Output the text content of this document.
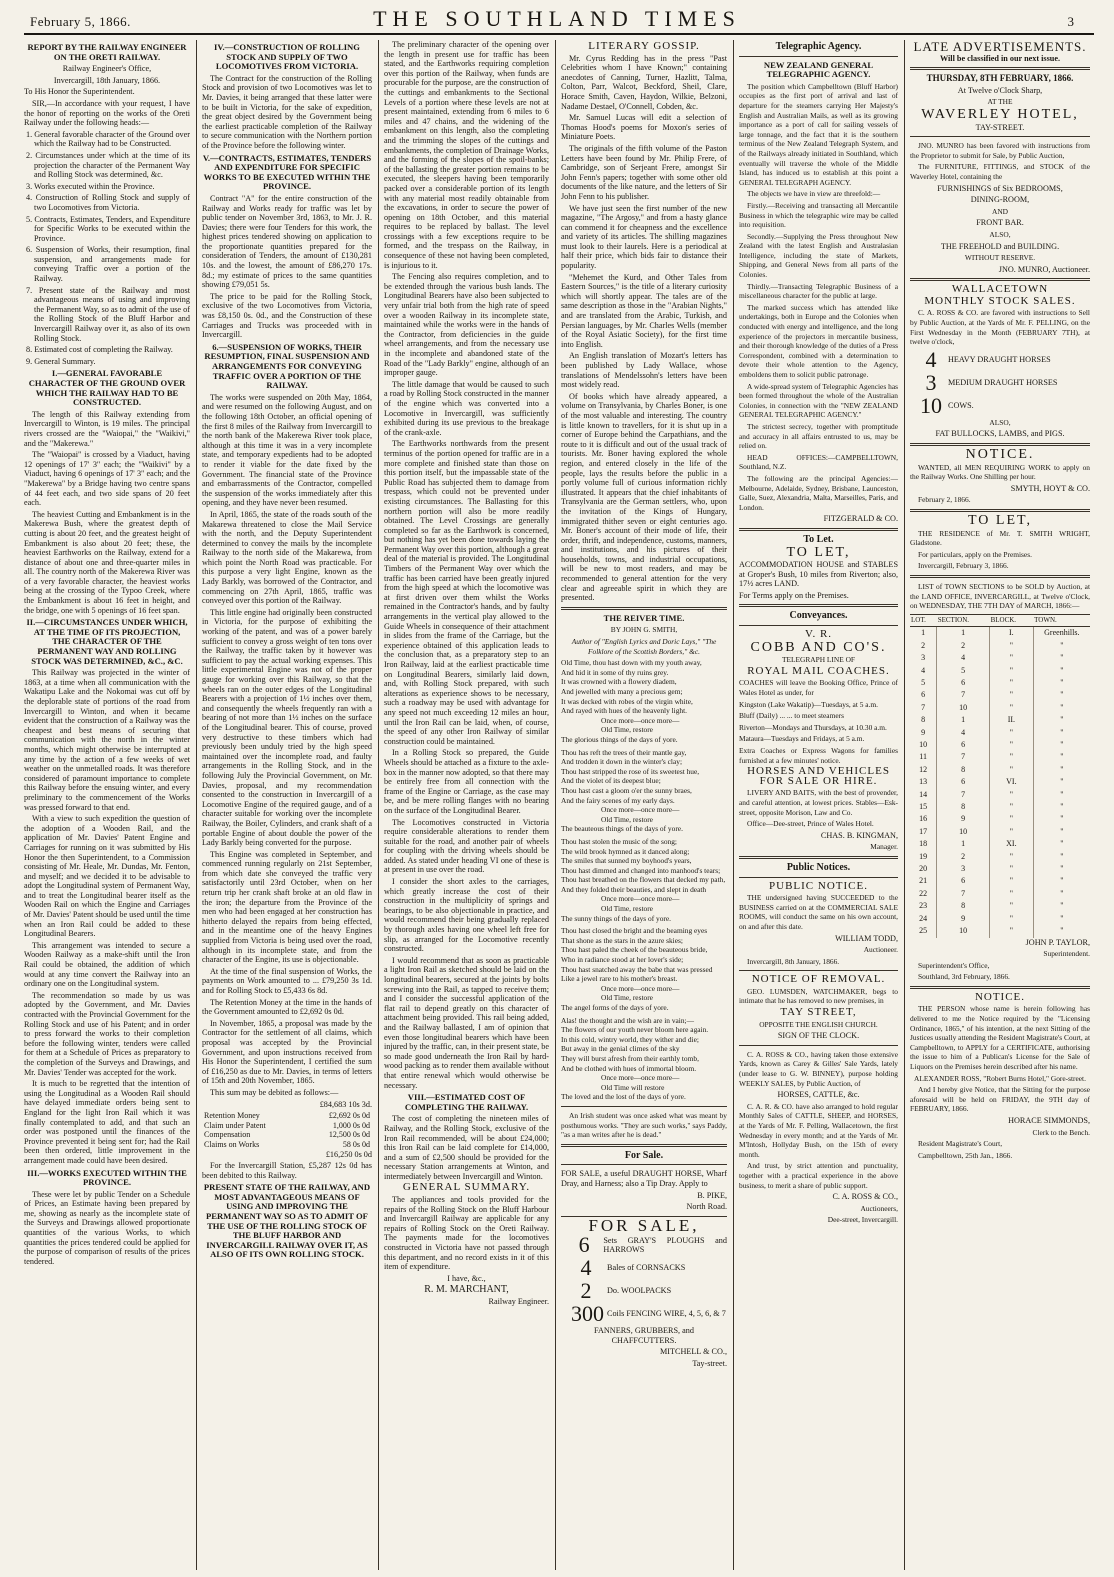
February 5, 1866.	THE SOUTHLAND TIMES	3
REPORT BY THE RAILWAY ENGINEER ON THE ORETI RAILWAY.

Railway Engineer's Office,

Invercargill, 18th January, 1866.

To His Honor the Superintendent.

SIR,—In accordance with your request, I have the honor of reporting on the works of the Oreti Railway under the following heads:—

1. General favorable character of the Ground over which the Railway had to be Constructed.

2. Circumstances under which at the time of its projection the character of the Permanent Way and Rolling Stock was determined, &c.

3. Works executed within the Province.

4. Construction of Rolling Stock and supply of two Locomotives from Victoria.

5. Contracts, Estimates, Tenders, and Expenditure for Specific Works to be executed within the Province.

6. Suspension of Works, their resumption, final suspension, and arrangements made for conveying Traffic over a portion of the Railway.

7. Present state of the Railway and most advantageous means of using and improving the Permanent Way, so as to admit of the use of the Rolling Stock of the Bluff Harbor and Invercargill Railway over it, as also of its own Rolling Stock.

8. Estimated cost of completing the Railway.

9. General Summary.

I.—GENERAL FAVORABLE CHARACTER OF THE GROUND OVER WHICH THE RAILWAY HAD TO BE CONSTRUCTED.

The length of this Railway extending from Invercargill to Winton, is 19 miles. The principal rivers crossed are the "Waiopai," the "Waikivi," and the "Makerewa."

The "Waiopai" is crossed by a Viaduct, having 12 openings of 17' 3" each; the "Waikivi" by a Viaduct, having 6 openings of 17' 3" each; and the "Makerewa" by a Bridge having two centre spans of 44 feet each, and two side spans of 20 feet each.

The heaviest Cutting and Embankment is in the Makerewa Bush, where the greatest depth of cutting is about 20 feet, and the greatest height of Embankment is also about 20 feet; these, the heaviest Earthworks on the Railway, extend for a distance of about one and three-quarter miles in all. The country north of the Makerewa River was of a very favorable character, the heaviest works being at the crossing of the Typoo Creek, where the Embankment is about 16 feet in height, and the bridge, one with 5 openings of 16 feet span.

II.—CIRCUMSTANCES UNDER WHICH, AT THE TIME OF ITS PROJECTION, THE CHARACTER OF THE PERMANENT WAY AND ROLLING STOCK WAS DETERMINED, &C., &C.

This Railway was projected in the winter of 1863, at a time when all communication with the Wakatipu Lake and the Nokomai was cut off by the deplorable state of portions of the road from Invercargill to Winton, and when it became evident that the construction of a Railway was the cheapest and best means of securing that communication with the north in the winter months, which might otherwise be interrupted at any time by the action of a few weeks of wet weather on the unmetalled roads. It was therefore considered of paramount importance to complete this Railway before the ensuing winter, and every preliminary to the commencement of the Works was pressed forward to that end.

With a view to such expedition the question of the adoption of a Wooden Rail, and the application of Mr. Davies' Patent Engine and Carriages for running on it was submitted by His Honor the then Superintendent, to a Commission consisting of Mr. Heale, Mr. Dundas, Mr. Fenton, and myself; and we decided it to be advisable to adopt the Longitudinal system of Permanent Way, and to treat the Longitudinal bearer itself as the Wooden Rail on which the Engine and Carriages of Mr. Davies' Patent should be used until the time when an Iron Rail could be added to these Longitudinal Bearers.

This arrangement was intended to secure a Wooden Railway as a make-shift until the Iron Rail could be obtained, the addition of which would at any time convert the Railway into an ordinary one on the Longitudinal system.

The recommendation so made by us was adopted by the Government, and Mr. Davies contracted with the Provincial Government for the Rolling Stock and use of his Patent; and in order to press forward the works to their completion before the following winter, tenders were called for them at a Schedule of Prices as preparatory to the completion of the Surveys and Drawings, and Mr. Davies' Tender was accepted for the work.

It is much to be regretted that the intention of using the Longitudinal as a Wooden Rail should have delayed immediate orders being sent to England for the light Iron Rail which it was finally contemplated to add, and that such an order was postponed until the finances of the Province prevented it being sent for; had the Rail been then ordered, little improvement in the arrangement made could have been desired.

III.—WORKS EXECUTED WITHIN THE PROVINCE.

These were let by public Tender on a Schedule of Prices, an Estimate having been prepared by me, showing as nearly as the incomplete state of the Surveys and Drawings allowed proportionate quantities of the various Works, to which quantities the prices tendered could be applied for the purpose of comparison of results of the prices tendered.

IV.—CONSTRUCTION OF ROLLING STOCK AND SUPPLY OF TWO LOCOMOTIVES FROM VICTORIA.

The Contract for the construction of the Rolling Stock and provision of two Locomotives was let to Mr. Davies, it being arranged that these latter were to be built in Victoria, for the sake of expedition, the great object desired by the Government being the earliest practicable completion of the Railway to secure communication with the Northern portion of the Province before the following winter.

V.—CONTRACTS, ESTIMATES, TENDERS AND EXPENDITURE FOR SPECIFIC WORKS TO BE EXECUTED WITHIN THE PROVINCE.

Contract "A" for the entire construction of the Railway and Works ready for traffic was let by public tender on November 3rd, 1863, to Mr. J. R. Davies; there were four Tenders for this work, the highest prices tendered showing on application to the proportionate quantities prepared for the consideration of Tenders, the amount of £130,281 10s. and the lowest, the amount of £86,270 17s. 8d.; my estimate of prices to the same quantities showing £79,051 5s.

The price to be paid for the Rolling Stock, exclusive of the two Locomotives from Victoria, was £8,150 0s. 0d., and the Construction of these Carriages and Trucks was proceeded with in Invercargill.

6.—SUSPENSION OF WORKS, THEIR RESUMPTION, FINAL SUSPENSION AND ARRANGEMENTS FOR CONVEYING TRAFFIC OVER A PORTION OF THE RAILWAY.

The works were suspended on 20th May, 1864, and were resumed on the following August, and on the following 18th October, an official opening of the first 8 miles of the Railway from Invercargill to the north bank of the Makerewa River took place, although at this time it was in a very incomplete state, and temporary expedients had to be adopted to render it viable for the date fixed by the Government. The financial state of the Province and embarrassments of the Contractor, compelled the suspension of the works immediately after this opening, and they have never been resumed.

In April, 1865, the state of the roads south of the Makarewa threatened to close the Mail Service with the north, and the Deputy Superintendent determined to convey the mails by the incomplete Railway to the north side of the Makarewa, from which point the North Road was practicable. For this purpose a very light Engine, known as the Lady Barkly, was borrowed of the Contractor, and commencing on 27th April, 1865, traffic was conveyed over this portion of the Railway.

This little engine had originally been constructed in Victoria, for the purpose of exhibiting the working of the patent, and was of a power barely sufficient to convey a gross weight of ten tons over the Railway, the traffic taken by it however was sufficient to pay the actual working expenses. This little experimental Engine was not of the proper gauge for working over this Railway, so that the wheels ran on the outer edges of the Longitudinal Bearers with a projection of 1½ inches over them, and consequently the wheels frequently ran with a bearing of not more than 1½ inches on the surface of the Longitudinal bearer. This of course, proved very destructive to these timbers which had previously been unduly tried by the high speed maintained over the incomplete road, and faulty arrangements in the Rolling Stock, and in the following July the Provincial Government, on Mr. Davies, proposal, and my recommendation consented to the construction in Invercargill of a Locomotive Engine of the required gauge, and of a character suitable for working over the incomplete Railway, the Boiler, Cylinders, and crank shaft of a portable Engine of about double the power of the Lady Barkly being converted for the purpose.

This Engine was completed in September, and commenced running regularly on 21st September, from which date she conveyed the traffic very satisfactorily until 23rd October, when on her return trip her crank shaft broke at an old flaw in the iron; the departure from the Province of the men who had been engaged at her construction has hitherto delayed the repairs from being effected, and in the meantime one of the heavy Engines supplied from Victoria is being used over the road, although in its incomplete state, and from the character of the Engine, its use is objectionable.

At the time of the final suspension of Works, the payments on Work amounted to ... £79,250 3s 1d. and for Rolling Stock to £5,433 6s 8d.

The Retention Money at the time in the hands of the Government amounted to £2,692 0s 0d.

In November, 1865, a proposal was made by the Contractor for the settlement of all claims, which proposal was accepted by the Provincial Government, and upon instructions received from His Honor the Superintendent, I certified the sum of £16,250 as due to Mr. Davies, in terms of letters of 15th and 20th November, 1865.

This sum may be debited as follows:—

£84,683 10s 3d.

Retention Money	£2,692 0s 0d
Claim under Patent	1,000 0s 0d
Compensation	12,500 0s 0d
Claims on Works	58 0s 0d

£16,250 0s 0d

For the Invercargill Station, £5,287 12s 0d has been debited to this Railway.

PRESENT STATE OF THE RAILWAY, AND MOST ADVANTAGEOUS MEANS OF USING AND IMPROVING THE PERMANENT WAY SO AS TO ADMIT OF THE USE OF THE ROLLING STOCK OF THE BLUFF HARBOR AND INVERCARGILL RAILWAY OVER IT, AS ALSO OF ITS OWN ROLLING STOCK.

The preliminary character of the opening over the length in present use for traffic has been stated, and the Earthworks requiring completion over this portion of the Railway, when funds are procurable for the purpose, are the construction of the cuttings and embankments to the Sectional Levels of a portion where these levels are not at present maintained, extending from 6 miles to 6 miles and 47 chains, and the widening of the embankment on this length, also the completing and the trimming the slopes of the cuttings and embankments, the completion of Drainage Works, and the forming of the slopes of the spoil-banks; of the ballasting the greater portion remains to be executed, the sleepers having been temporarily packed over a considerable portion of its length with any material most readily obtainable from the excavations, in order to secure the power of opening on 18th October, and this material requires to be replaced by ballast. The level crossings with a few exceptions require to be formed, and the trespass on the Railway, in consequence of these not having been completed, is injurious to it.

The Fencing also requires completion, and to be extended through the various bush lands. The Longitudinal Bearers have also been subjected to very unfair trial both from the high rate of speed over a wooden Railway in its incomplete state, maintained while the works were in the hands of the Contractor, from deficiencies in the guide wheel arrangements, and from the necessary use in the incomplete and abandoned state of the Road of the "Lady Barkly" engine, although of an improper gauge.

The little damage that would be caused to such a road by Rolling Stock constructed in the manner of the engine which was converted into a Locomotive in Invercargill, was sufficiently exhibited during its use previous to the breakage of the crank-axle.

The Earthworks northwards from the present terminus of the portion opened for traffic are in a more complete and finished state than those on this portion itself, but the impassable state of the Public Road has subjected them to damage from trespass, which could not be prevented under existing circumstances. The Ballasting for this northern portion will also be more readily obtained. The Level Crossings are generally completed so far as the Earthwork is concerned, but nothing has yet been done towards laying the Permanent Way over this portion, although a great deal of the material is provided. The Longitudinal Timbers of the Permanent Way over which the traffic has been carried have been greatly injured from the high speed at which the locomotive was at first driven over them whilst the Works remained in the Contractor's hands, and by faulty arrangements in the vertical play allowed to the Guide Wheels in consequence of their attachment in slides from the frame of the Carriage, but the experience obtained of this application leads to the conclusion that, as a preparatory step to an Iron Railway, laid at the earliest practicable time on Longitudinal Bearers, similarly laid down, and, with Rolling Stock prepared, with such alterations as experience shows to be necessary, such a roadway may be used with advantage for any speed not much exceeding 12 miles an hour, until the Iron Rail can be laid, when, of course, the speed of any other Iron Railway of similar construction could be maintained.

In a Rolling Stock so prepared, the Guide Wheels should be attached as a fixture to the axle-box in the manner now adopted, so that there may be entirely free from all connection with the frame of the Engine or Carriage, as the case may be, and be mere rolling flanges with no bearing on the surface of the Longitudinal Bearer.

The Locomotives constructed in Victoria require considerable alterations to render them suitable for the road, and another pair of wheels for coupling with the driving wheels should be added. As stated under heading VI one of these is at present in use over the road.

I consider the short axles to the carriages, which greatly increase the cost of their construction in the multiplicity of springs and bearings, to be also objectionable in practice, and would recommend their being gradually replaced by thorough axles having one wheel left free for slip, as arranged for the Locomotive recently constructed.

I would recommend that as soon as practicable a light Iron Rail as sketched should be laid on the longitudinal bearers, secured at the joints by bolts screwing into the Rail, as tapped to receive them; and I consider the successful application of the flat rail to depend greatly on this character of attachment being provided. This rail being added, and the Railway ballasted, I am of opinion that even those longitudinal bearers which have been injured by the traffic, can, in their present state, be so made good underneath the Iron Rail by hard-wood packing as to render them available without that entire renewal which would otherwise be necessary.

VIII.—ESTIMATED COST OF COMPLETING THE RAILWAY.

The cost of completing the nineteen miles of Railway, and the Rolling Stock, exclusive of the Iron Rail recommended, will be about £24,000; this Iron Rail can be laid complete for £14,000, and a sum of £2,500 should be provided for the necessary Station arrangements at Winton, and intermediately between Invercargill and Winton.

GENERAL SUMMARY.

The appliances and tools provided for the repairs of the Rolling Stock on the Bluff Harbour and Invercargill Railway are applicable for any repairs of Rolling Stock on the Oreti Railway. The payments made for the locomotives constructed in Victoria have not passed through this department, and no record exists in it of this item of expenditure.

I have, &c.,

R. M. MARCHANT,

Railway Engineer.

LITERARY GOSSIP.

Mr. Cyrus Redding has in the press "Past Celebrities whom I have Known;" containing anecdotes of Canning, Turner, Hazlitt, Talma, Colton, Parr, Walcot, Beckford, Sheil, Clare, Horace Smith, Caven, Haydon, Wilkie, Belzoni, Nadame Destael, O'Connell, Cobden, &c.

Mr. Samuel Lucas will edit a selection of Thomas Hood's poems for Moxon's series of Miniature Poets.

The originals of the fifth volume of the Paston Letters have been found by Mr. Philip Frere, of Cambridge, son of Serjeant Frere, amongst Sir John Fenn's papers; together with some other old documents of the like nature, and the letters of Sir John Fenn to his publisher.

We have just seen the first number of the new magazine, "The Argosy," and from a hasty glance can commend it for cheapness and the excellence and variety of its articles. The shilling magazines must look to their laurels. Here is a periodical at half their price, which bids fair to distance their popularity.

"Mehemet the Kurd, and Other Tales from Eastern Sources," is the title of a literary curiosity which will shortly appear. The tales are of the same description as those in the "Arabian Nights," and are translated from the Arabic, Turkish, and Persian languages, by Mr. Charles Wells (member of the Royal Asiatic Society), for the first time into English.

An English translation of Mozart's letters has been published by Lady Wallace, whose translations of Mendelssohn's letters have been most widely read.

Of books which have already appeared, a volume on Transylvania, by Charles Boner, is one of the most valuable and interesting. The country is little known to travellers, for it is shut up in a corner of Europe behind the Carpathians, and the route to it is difficult and out of the usual track of tourists. Mr. Boner having explored the whole region, and entered closely in the life of the people, lays the results before the public in a portly volume full of curious information richly illustrated. It appears that the chief inhabitants of Transylvania are the German settlers, who, upon the invitation of the Kings of Hungary, immigrated thither seven or eight centuries ago. Mr. Boner's account of their mode of life, their order, thrift, and independence, customs, manners, and institutions, and his pictures of their households, towns, and industrial occupations, will be new to most readers, and may be recommended to general attention for the very clear and agreeable spirit in which they are presented.

THE REIVER TIME.

BY JOHN G. SMITH,

Author of "English Lyrics and Doric Lays," "The Folklore of the Scottish Borders," &c.

Old Time, thou hast down with my youth away,

And hid it in some of thy ruins grey.

It was crowned with a flowery diadem,

And jewelled with many a precious gem;

It was decked with robes of the virgin white,

And rayed with hues of the heavenly light.

Once more—once more—

Old Time, restore

The glorious things of the days of yore.

Thou has reft the trees of their mantle gay,

And trodden it down in the winter's clay;

Thou hast stripped the rose of its sweetest hue,

And the violet of its deepest blue;

Thou hast cast a gloom o'er the sunny braes,

And the fairy scenes of my early days.

Once more—once more—

Old Time, restore

The beauteous things of the days of yore.

Thou hast stolen the music of the song;

The wild brook hymned as it danced along;

The smiles that sunned my boyhood's years,

Thou hast dimmed and changed into manhood's tears;

Thou hast breathed on the flowers that decked my path,

And they folded their beauties, and slept in death

Once more—once more—

Old Time, restore

The sunny things of the days of yore.

Thou hast closed the bright and the beaming eyes

That shone as the stars in the azure skies;

Thou hast paled the cheek of the beauteous bride,

Who in radiance stood at her lover's side;

Thou hast snatched away the babe that was pressed

Like a jewel rare to his mother's breast.

Once more—once more—

Old Time, restore

The angel forms of the days of yore.

Alas! the thought and the wish are in vain;—

The flowers of our youth never bloom here again.

In this cold, wintry world, they wither and die;

But away in the genial climes of the sky

They will burst afresh from their earthly tomb,

And be clothed with hues of immortal bloom.

Once more—once more—

Old Time will restore

The loved and the lost of the days of yore.

An Irish student was once asked what was meant by posthumous works. "They are such works," says Paddy, "as a man writes after he is dead."

For Sale.

FOR SALE, a useful DRAUGHT HORSE, Wharf Dray, and Harness; also a Tip Dray. Apply to

B. PIKE,

North Road.

FOR SALE,
6	Sets GRAY'S PLOUGHS and HARROWS
4	Bales of CORNSACKS
2	Do. WOOLPACKS
300 Coils FENCING WIRE, 4, 5, 6, & 7

FANNERS, GRUBBERS, and CHAFFCUTTERS.

MITCHELL & CO.,

Tay-street.

Telegraphic Agency.
NEW ZEALAND GENERAL TELEGRAPHIC AGENCY.

The position which Campbelltown (Bluff Harbor) occupies as the first port of arrival and last of departure for the steamers carrying Her Majesty's English and Australian Mails, as well as its growing importance as a port of call for sailing vessels of large tonnage, and the fact that it is the southern terminus of the New Zealand Telegraph System, and of the Railways already initiated in Southland, which eventually will traverse the whole of the Middle Island, has induced us to establish at this point a GENERAL TELEGRAPH AGENCY.

The objects we have in view are threefold:—

Firstly.—Receiving and transacting all Mercantile Business in which the telegraphic wire may be called into requisition.

Secondly.—Supplying the Press throughout New Zealand with the latest English and Australasian Intelligence, including the state of Markets, Shipping, and General News from all parts of the Colonies.

Thirdly.—Transacting Telegraphic Business of a miscellaneous character for the public at large.

The marked success which has attended like undertakings, both in Europe and the Colonies when conducted with energy and intelligence, and the long experience of the projectors in mercantile business, and their thorough knowledge of the duties of a Press Correspondent, combined with a determination to devote their whole attention to the Agency, emboldens them to solicit public patronage.

A wide-spread system of Telegraphic Agencies has been formed throughout the whole of the Australian Colonies, in connection with the "NEW ZEALAND GENERAL TELEGRAPHIC AGENCY."

The strictest secrecy, together with promptitude and accuracy in all affairs entrusted to us, may be relied on.

HEAD OFFICES:—CAMPBELLTOWN, Southland, N.Z.

The following are the principal Agencies:—Melbourne, Adelaide, Sydney, Brisbane, Launceston, Galle, Suez, Alexandria, Malta, Marseilles, Paris, and London.

FITZGERALD & CO.

To Let.
TO LET,

ACCOMMODATION HOUSE and STABLES at Groper's Bush, 10 miles from Riverton; also, 17½ acres LAND.

For Terms apply on the Premises.

Conveyances.
V. R.
COBB AND CO'S.

TELEGRAPH LINE OF

ROYAL MAIL COACHES.

COACHES will leave the Booking Office, Prince of Wales Hotel as under, for

Kingston (Lake Wakatip)—Tuesdays, at 5 a.m.

Bluff (Daily) ... ... to meet steamers

Riverton—Mondays and Thursdays, at 10.30 a.m.

Mataura—Tuesdays and Fridays, at 5 a.m.

Extra Coaches or Express Wagons for families furnished at a few minutes' notice.

HORSES AND VEHICLES FOR SALE OR HIRE.

LIVERY AND BAITS, with the best of provender, and careful attention, at lowest prices. Stables—Esk-street, opposite Morison, Law and Co.

Office—Dee-street, Prince of Wales Hotel.

CHAS. B. KINGMAN,

Manager.

Public Notices.
PUBLIC NOTICE.

THE undersigned having SUCCEEDED to the BUSINESS carried on at the COMMERCIAL SALE ROOMS, will conduct the same on his own account, on and after this date.

WILLIAM TODD,

Auctioneer.

Invercargill, 8th January, 1866.

NOTICE OF REMOVAL.

GEO. LUMSDEN, WATCHMAKER, begs to intimate that he has removed to new premises, in

TAY STREET,

OPPOSITE THE ENGLISH CHURCH.

SIGN OF THE CLOCK.

C. A. ROSS & CO., having taken those extensive Yards, known as Carey & Gilles' Sale Yards, lately (under lease to G. W. BINNEY), purpose holding WEEKLY SALES, by Public Auction, of

HORSES, CATTLE, &c.

C. A. R. & CO. have also arranged to hold regular Monthly Sales of CATTLE, SHEEP, and HORSES, at the Yards of Mr. F. Pelling, Wallacetown, the first Wednesday in every month; and at the Yards of Mr. M'Intosh, Hollyday Bush, on the 15th of every month.

And trust, by strict attention and punctuality, together with a practical experience in the above business, to merit a share of public support.

C. A. ROSS & CO.,

Auctioneers,

Dee-street, Invercargill.

LATE ADVERTISEMENTS.

Will be classified in our next issue.

THURSDAY, 8TH FEBRUARY, 1866.

At Twelve o'Clock Sharp,

AT THE

WAVERLEY HOTEL,

TAY-STREET.

JNO. MUNRO has been favored with instructions from the Proprietor to submit for Sale, by Public Auction,

The FURNITURE, FITTINGS, and STOCK of the Waverley Hotel, containing the

FURNISHINGS of Six BEDROOMS,

DINING-ROOM,

AND

FRONT BAR.

ALSO,

THE FREEHOLD and BUILDING.

WITHOUT RESERVE.

JNO. MUNRO, Auctioneer.

WALLACETOWN
MONTHLY STOCK SALES.

C. A. ROSS & CO. are favored with instructions to Sell by Public Auction, at the Yards of Mr. F. PELLING, on the First Wednesday in the Month (FEBRUARY 7TH), at twelve o'clock,

4	HEAVY DRAUGHT HORSES
3	MEDIUM DRAUGHT HORSES
10 COWS.

ALSO,

FAT BULLOCKS, LAMBS, and PIGS.

NOTICE.

WANTED, all MEN REQUIRING WORK to apply on the Railway Works. One Shilling per hour.

SMYTH, HOYT & CO.

February 2, 1866.

TO LET,

THE RESIDENCE of Mr. T. SMITH WRIGHT, Gladstone.

For particulars, apply on the Premises.

Invercargill, February 3, 1866.

LIST of TOWN SECTIONS to be SOLD by Auction, at the LAND OFFICE, INVERCARGILL, at Twelve o'Clock, on WEDNESDAY, THE 7TH DAY of MARCH, 1866:—

LOT.	SECTION.	BLOCK.	TOWN.
1	1	I.	Greenhills.
2	2	"	"
3	4	"	"
4	5	"	"
5	6	"	"
6	7	"	"
7	10	"	"
8	1	II.	"
9	4	"	"
10	6	"	"
11	7	"	"
12	8	"	"
13	6	VI.	"
14	7	"	"
15	8	"	"
16	9	"	"
17	10	"	"
18	1	XI.	"
19	2	"	"
20	3	"	"
21	6	"	"
22	7	"	"
23	8	"	"
24	9	"	"
25	10	"	"

JOHN P. TAYLOR,

Superintendent.

Superintendent's Office,

Southland, 3rd February, 1866.

NOTICE.

THE PERSON whose name is herein following has delivered to me the Notice required by the "Licensing Ordinance, 1865," of his intention, at the next Sitting of the Justices usually attending the Resident Magistrate's Court, at Campbelltown, to APPLY for a CERTIFICATE, authorising the issue to him of a Publican's License for the Sale of Liquors on the Premises herein described after his name.

ALEXANDER ROSS, "Robert Burns Hotel," Gore-street.

And I hereby give Notice, that the Sitting for the purpose aforesaid will be held on FRIDAY, the 9TH day of FEBRUARY, 1866.

HORACE SIMMONDS,

Clerk to the Bench.

Resident Magistrate's Court,

Campbelltown, 25th Jan., 1866.
